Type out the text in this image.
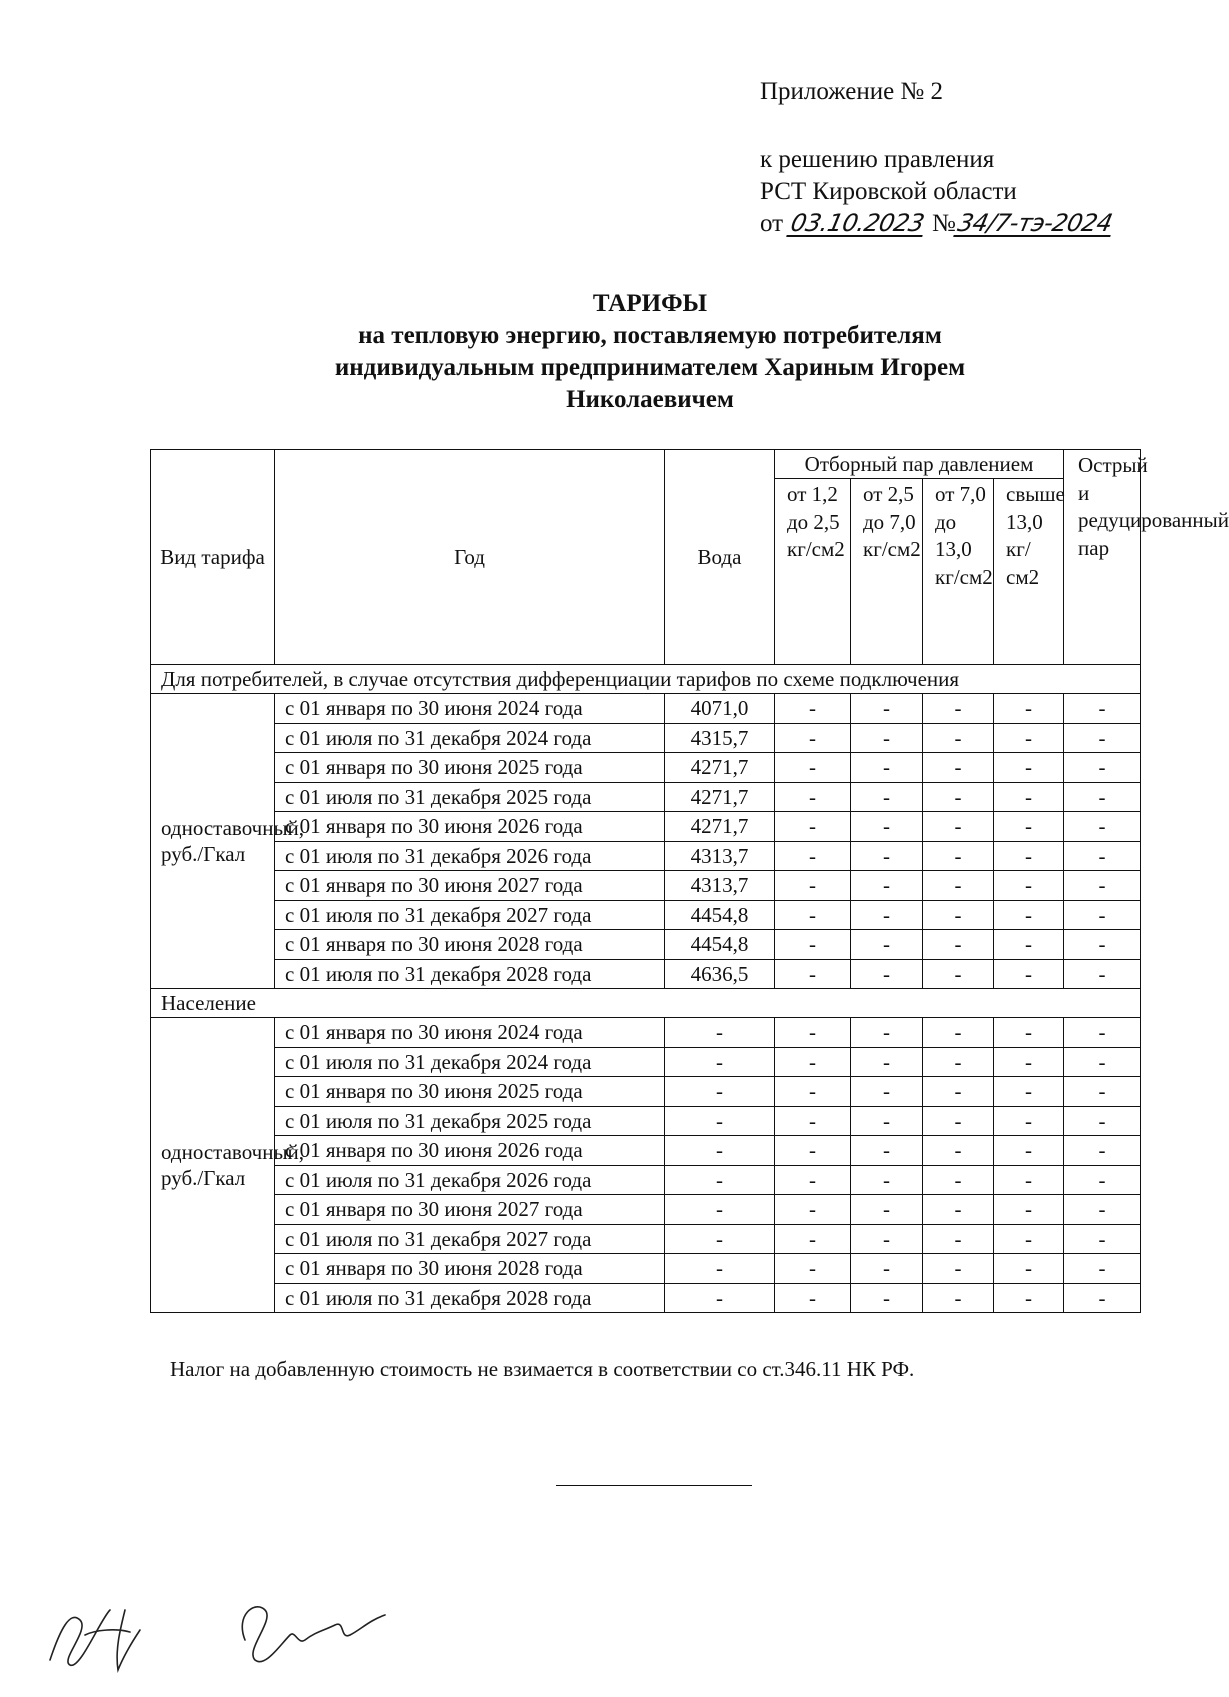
Приложение № 2
к решению правления
РСТ Кировской области
от 03.10.2023 №34/7-тэ-2024
ТАРИФЫ
на тепловую энергию, поставляемую потребителям
индивидуальным предпринимателем Хариным Игорем
Николаевичем
Вид тарифа	Год	Вода	Отборный пар давлением				Острый и редуцированный пар
			от 1,2 до 2,5 кг/см2	от 2,5 до 7,0 кг/см2	от 7,0 до 13,0 кг/см2	свыше 13,0 кг/см2	
Для потребителей, в случае отсутствия дифференциации тарифов по схеме подключения							
одноставочный, руб./Гкал	с 01 января по 30 июня 2024 года	4071,0	-	-	-	-	-
	с 01 июля по 31 декабря 2024 года	4315,7	-	-	-	-	-
	с 01 января по 30 июня 2025 года	4271,7	-	-	-	-	-
	с 01 июля по 31 декабря 2025 года	4271,7	-	-	-	-	-
	с 01 января по 30 июня 2026 года	4271,7	-	-	-	-	-
	с 01 июля по 31 декабря 2026 года	4313,7	-	-	-	-	-
	с 01 января по 30 июня 2027 года	4313,7	-	-	-	-	-
	с 01 июля по 31 декабря 2027 года	4454,8	-	-	-	-	-
	с 01 января по 30 июня 2028 года	4454,8	-	-	-	-	-
	с 01 июля по 31 декабря 2028 года	4636,5	-	-	-	-	-
Население							
одноставочный, руб./Гкал	с 01 января по 30 июня 2024 года	-	-	-	-	-	-
	с 01 июля по 31 декабря 2024 года	-	-	-	-	-	-
	с 01 января по 30 июня 2025 года	-	-	-	-	-	-
	с 01 июля по 31 декабря 2025 года	-	-	-	-	-	-
	с 01 января по 30 июня 2026 года	-	-	-	-	-	-
	с 01 июля по 31 декабря 2026 года	-	-	-	-	-	-
	с 01 января по 30 июня 2027 года	-	-	-	-	-	-
	с 01 июля по 31 декабря 2027 года	-	-	-	-	-	-
	с 01 января по 30 июня 2028 года	-	-	-	-	-	-
	с 01 июля по 31 декабря 2028 года	-	-	-	-	-	-
Налог на добавленную стоимость не взимается в соответствии со ст.346.11 НК РФ.
